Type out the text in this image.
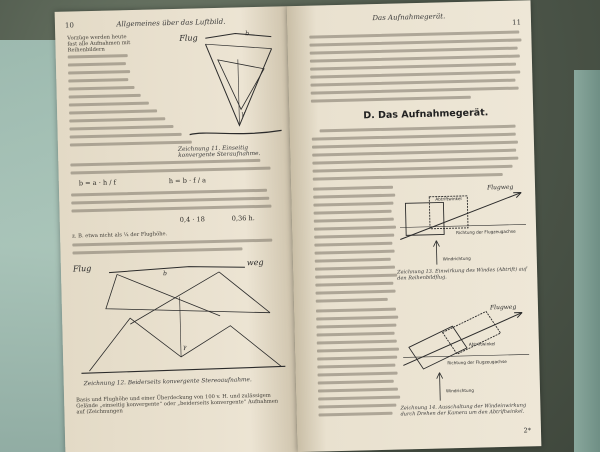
10	Allgemeines über das Luftbild.
Vorzüge werden heute fast alle Aufnahmen mit Reihenbildern
Flug	b
γ
Zeichnung 11. Einseitig konvergente Steraufnahme.
b = a · h / f	h = b · f / a
0,4 · 18	0,36 h.
z. B. etwa nicht als ¼ der Flughöhe.
Flug
weg
b
γ
Zeichnung 12. Beiderseits konvergente Stereoaufnahme.
Basis und Flughöhe und einer Überdeckung von 100 v. H. und zulässigem Gelände „einseitig konvergente“ oder „beiderseits konvergente“ Aufnahmen auf (Zeichnungen
Das Aufnahmegerät.
11
D. Das Aufnahmegerät.
Flugweg
Abtriftwinkel
Richtung der Flugzeugachse
Windrichtung
Zeichnung 13. Einwirkung des Windes (Abtrift) auf den Reihenbildflug.
Flugweg
Abtriftwinkel
Richtung der Flugzeugachse
Windrichtung
Zeichnung 14. Ausschaltung der Windeinwirkung durch Drehen der Kamera um den Abtriftwinkel.
2*
